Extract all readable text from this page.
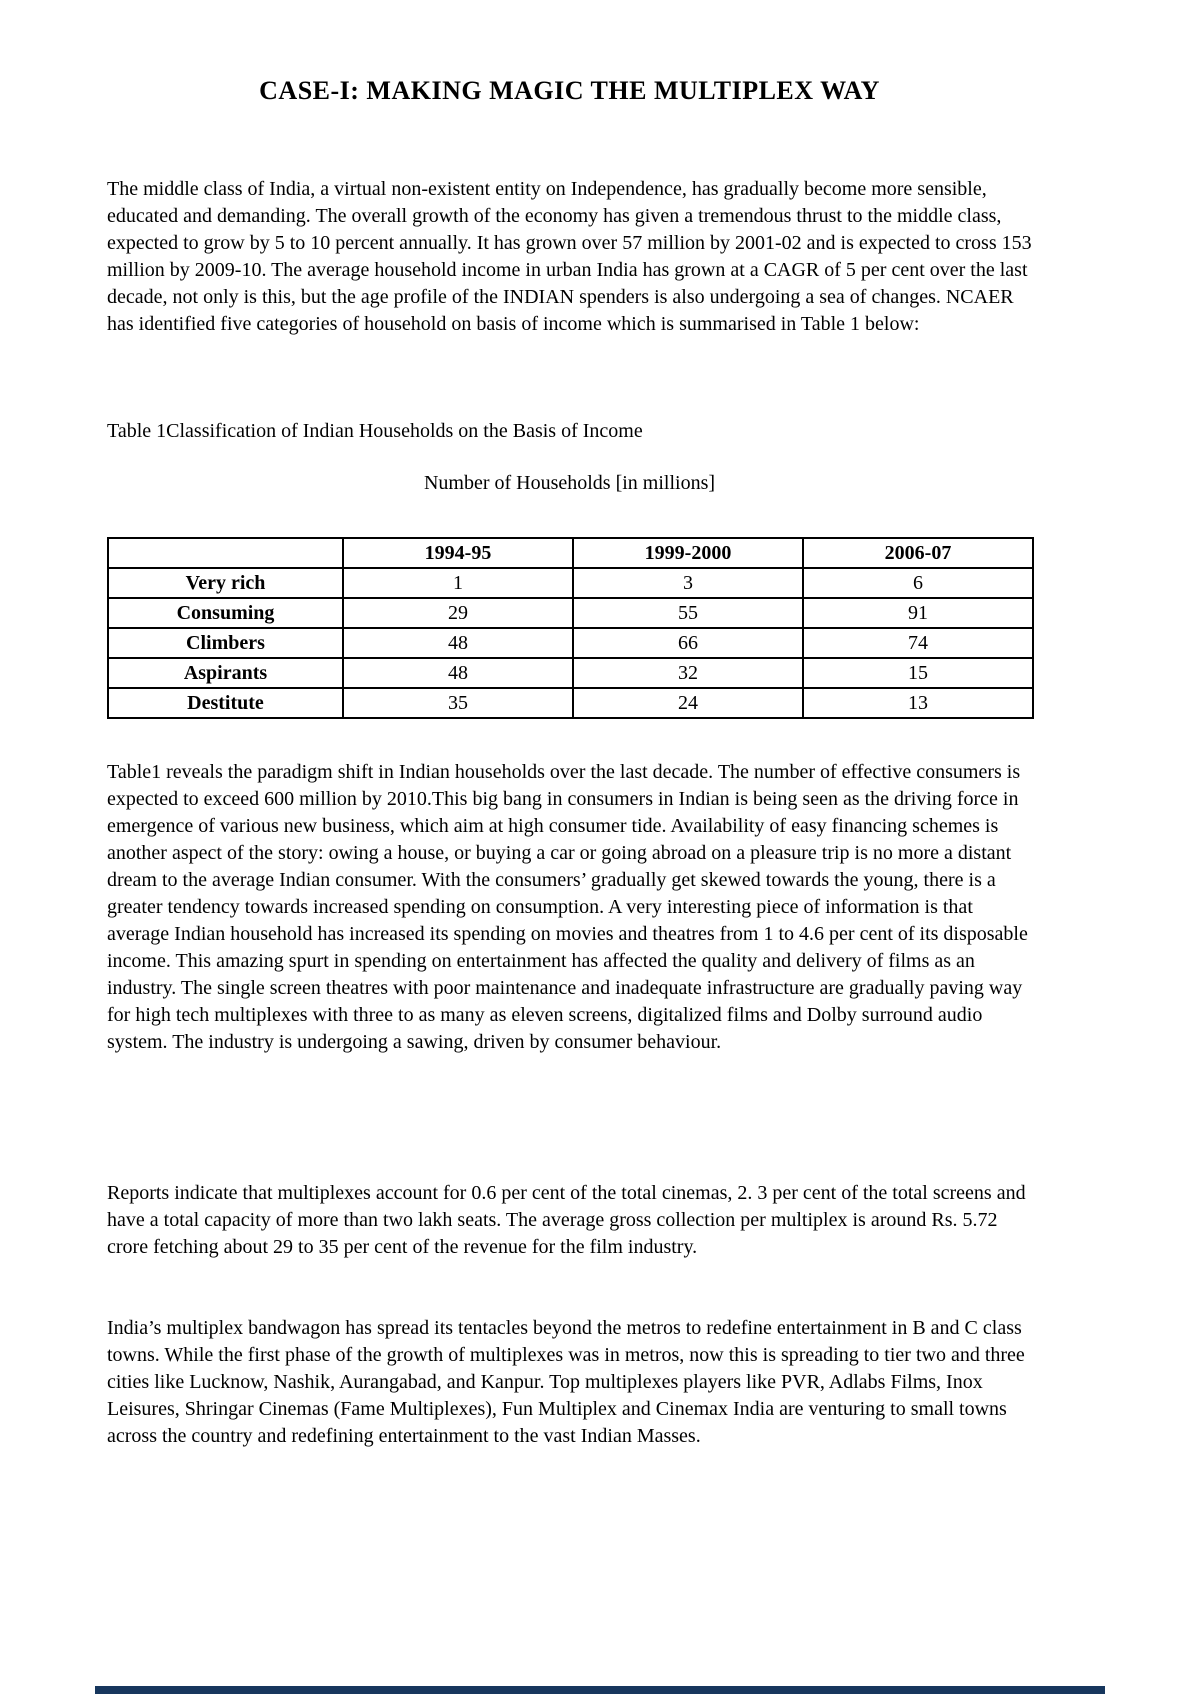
CASE-I: MAKING MAGIC THE MULTIPLEX WAY

The middle class of India, a virtual non-existent entity on Independence, has gradually become more sensible, educated and demanding. The overall growth of the economy has given a tremendous thrust to the middle class, expected to grow by 5 to 10 percent annually. It has grown over 57 million by 2001-02 and is expected to cross 153 million by 2009-10. The average household income in urban India has grown at a CAGR of 5 per cent over the last decade, not only is this, but the age profile of the INDIAN spenders is also undergoing a sea of changes. NCAER has identified five categories of household on basis of income which is summarised in Table 1 below:

Table 1Classification of Indian Households on the Basis of Income

Number of Households [in millions]

	1994-95	1999-2000	2006-07
Very rich	1	3	6
Consuming	29	55	91
Climbers	48	66	74
Aspirants	48	32	15
Destitute	35	24	13

Table1 reveals the paradigm shift in Indian households over the last decade. The number of effective consumers is expected to exceed 600 million by 2010.This big bang in consumers in Indian is being seen as the driving force in emergence of various new business, which aim at high consumer tide. Availability of easy financing schemes is another aspect of the story: owing a house, or buying a car or going abroad on a pleasure trip is no more a distant dream to the average Indian consumer. With the consumers’ gradually get skewed towards the young, there is a greater tendency towards increased spending on consumption. A very interesting piece of information is that average Indian household has increased its spending on movies and theatres from 1 to 4.6 per cent of its disposable income. This amazing spurt in spending on entertainment has affected the quality and delivery of films as an industry. The single screen theatres with poor maintenance and inadequate infrastructure are gradually paving way for high tech multiplexes with three to as many as eleven screens, digitalized films and Dolby surround audio system. The industry is undergoing a sawing, driven by consumer behaviour.

Reports indicate that multiplexes account for 0.6 per cent of the total cinemas, 2. 3 per cent of the total screens and have a total capacity of more than two lakh seats. The average gross collection per multiplex is around Rs. 5.72 crore fetching about 29 to 35 per cent of the revenue for the film industry.

India’s multiplex bandwagon has spread its tentacles beyond the metros to redefine entertainment in B and C class towns. While the first phase of the growth of multiplexes was in metros, now this is spreading to tier two and three cities like Lucknow, Nashik, Aurangabad, and Kanpur. Top multiplexes players like PVR, Adlabs Films, Inox Leisures, Shringar Cinemas (Fame Multiplexes), Fun Multiplex and Cinemax India are venturing to small towns across the country and redefining entertainment to the vast Indian Masses.
